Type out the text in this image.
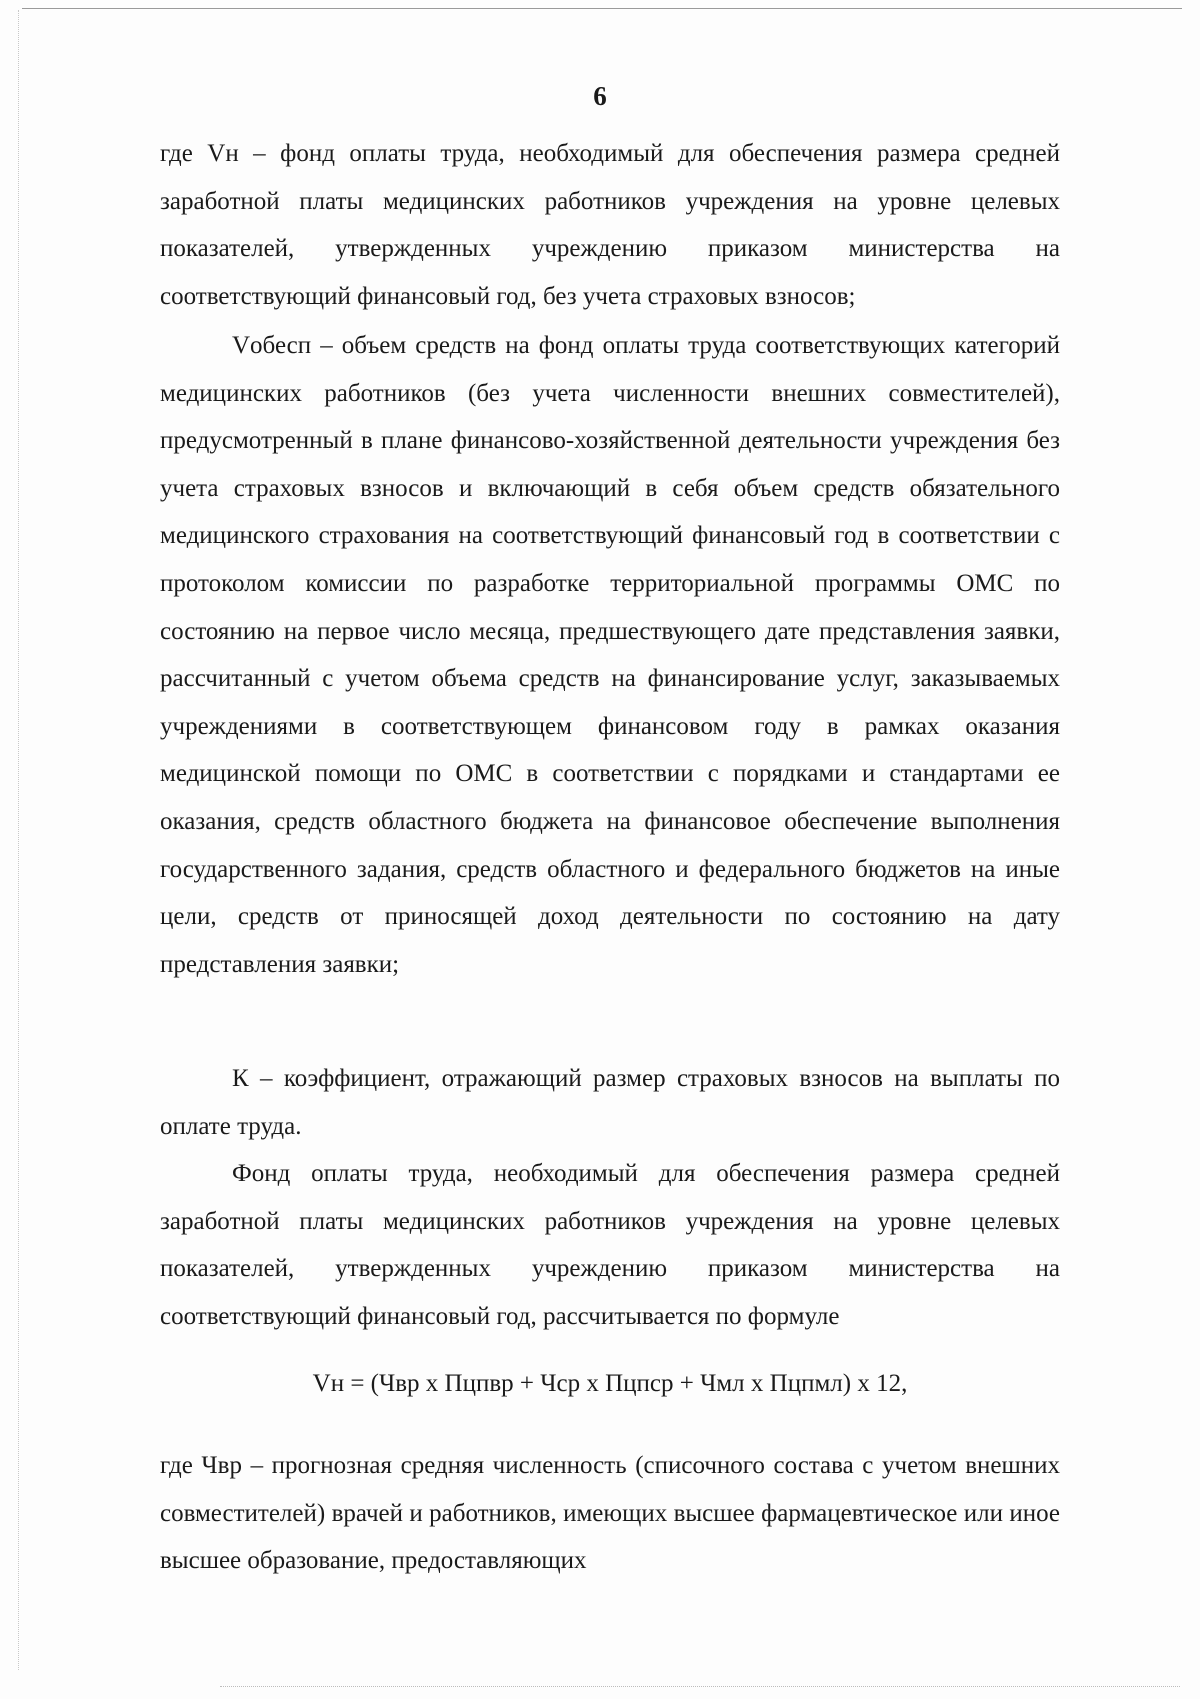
6

где Vн – фонд оплаты труда, необходимый для обеспечения размера средней заработной платы медицинских работников учреждения на уровне целевых показателей, утвержденных учреждению приказом министерства на соответствующий финансовый год, без учета страховых взносов;

Vобесп – объем средств на фонд оплаты труда соответствующих категорий медицинских работников (без учета численности внешних совместителей), предусмотренный в плане финансово-хозяйственной деятельности учреждения без учета страховых взносов и включающий в себя объем средств обязательного медицинского страхования на соответствующий финансовый год в соответствии с протоколом комиссии по разработке территориальной программы ОМС по состоянию на первое число месяца, предшествующего дате представления заявки, рассчитанный с учетом объема средств на финансирование услуг, заказываемых учреждениями в соответствующем финансовом году в рамках оказания медицинской помощи по ОМС в соответствии с порядками и стандартами ее оказания, средств областного бюджета на финансовое обеспечение выполнения государственного задания, средств областного и федерального бюджетов на иные цели, средств от приносящей доход деятельности по состоянию на дату представления заявки;

К – коэффициент, отражающий размер страховых взносов на выплаты по оплате труда.

Фонд оплаты труда, необходимый для обеспечения размера средней заработной платы медицинских работников учреждения на уровне целевых показателей, утвержденных учреждению приказом министерства на соответствующий финансовый год, рассчитывается по формуле

Vн = (Чвр х Пцпвр + Чср х Пцпср + Чмл х Пцпмл) х 12,

где Чвр – прогнозная средняя численность (списочного состава с учетом внешних совместителей) врачей и работников, имеющих высшее фармацевтическое или иное высшее образование, предоставляющих
